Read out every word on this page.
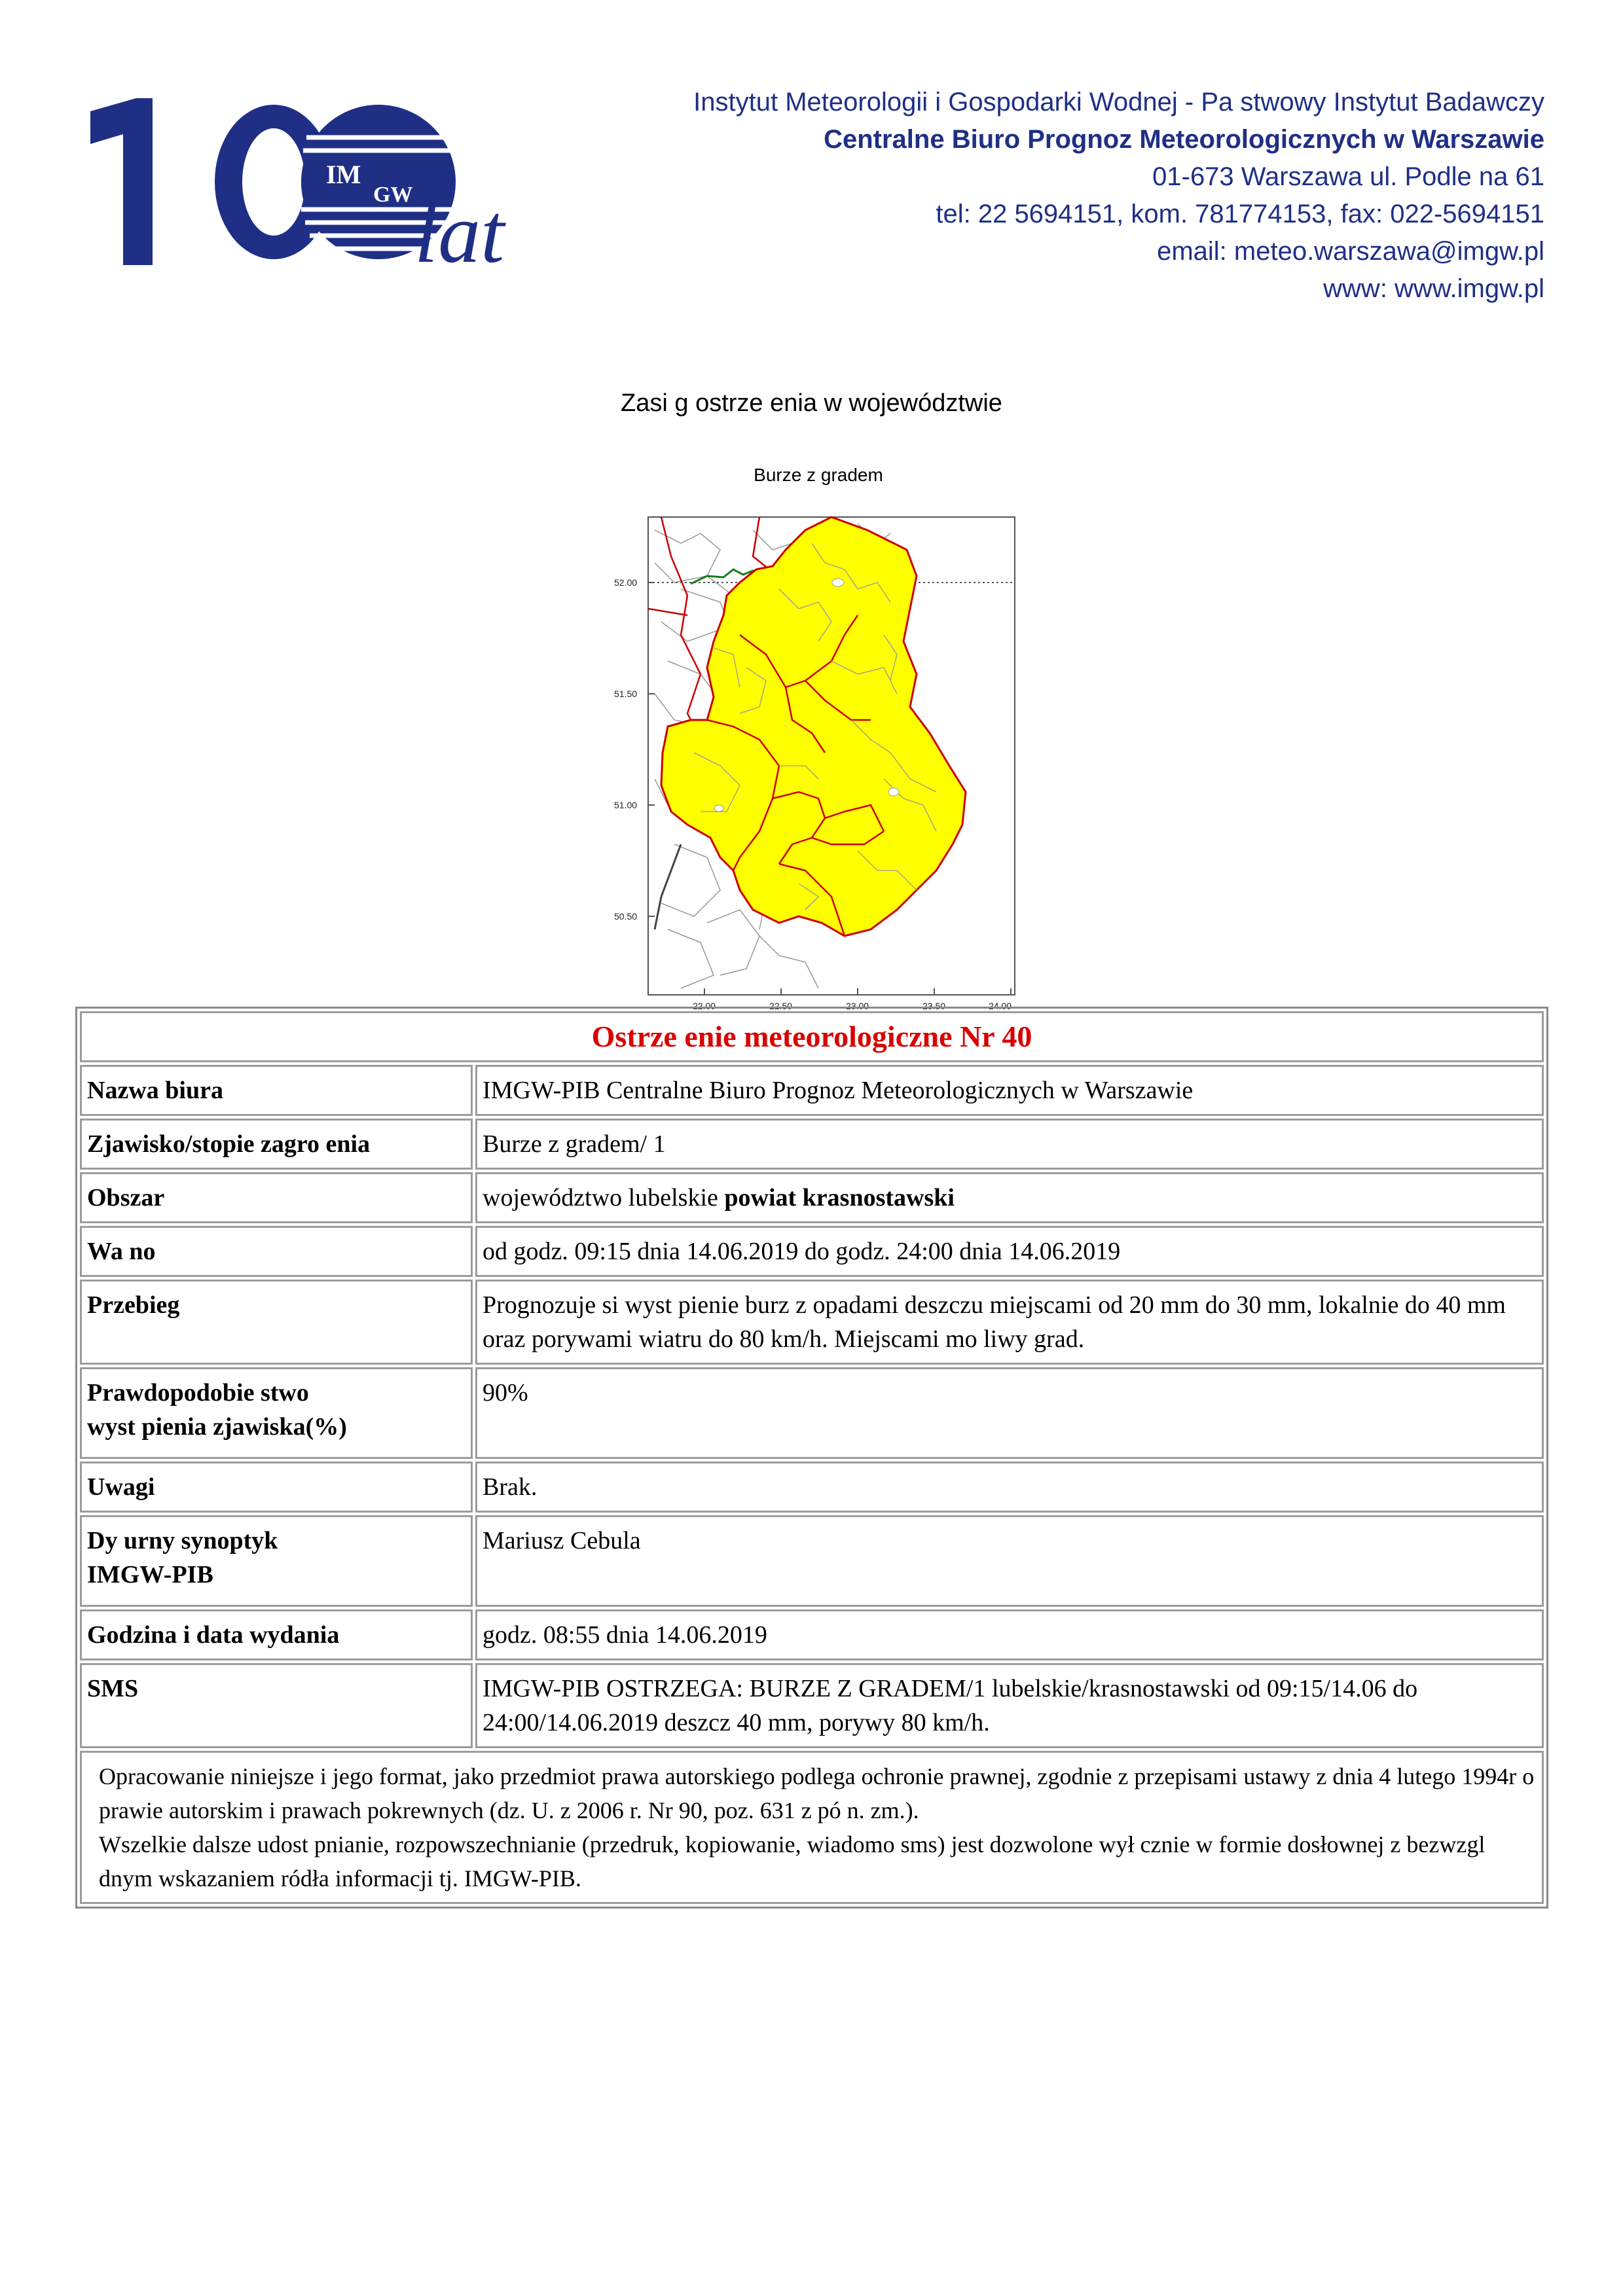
IM
GW lat
Instytut Meteorologii i Gospodarki Wodnej - Pa stwowy Instytut Badawczy
Centralne Biuro Prognoz Meteorologicznych w Warszawie
01-673 Warszawa ul. Podle na 61
tel: 22 5694151, kom. 781774153, fax: 022-5694151
email: meteo.warszawa@imgw.pl
www: www.imgw.pl
Zasi g ostrze enia w województwie
Burze z gradem
52.00
51.50
51.00
50.50
22.00	22.50	23.00	23.50	24.00
Ostrze enie meteorologiczne Nr 40	
Nazwa biura	IMGW-PIB Centralne Biuro Prognoz Meteorologicznych w Warszawie
Zjawisko/stopie zagro enia	Burze z gradem/ 1
Obszar	województwo lubelskie powiat krasnostawski
Wa no	od godz. 09:15 dnia 14.06.2019 do godz. 24:00 dnia 14.06.2019
Przebieg	Prognozuje si wyst pienie burz z opadami deszczu miejscami od 20 mm do 30 mm, lokalnie do 40 mm oraz porywami wiatru do 80 km/h. Miejscami mo liwy grad.

Prawdopodobie stwo
wyst pienia zjawiska(%)	90%
Uwagi	Brak.

Dy urny synoptyk
IMGW-PIB	Mariusz Cebula
Godzina i data wydania	godz. 08:55 dnia 14.06.2019
SMS	IMGW-PIB OSTRZEGA: BURZE Z GRADEM/1 lubelskie/krasnostawski od 09:15/14.06 do 24:00/14.06.2019 deszcz 40 mm, porywy 80 km/h.

Opracowanie niniejsze i jego format, jako przedmiot prawa autorskiego podlega ochronie prawnej, zgodnie z przepisami ustawy z dnia 4 lutego 1994r o prawie autorskim i prawach pokrewnych (dz. U. z 2006 r. Nr 90, poz. 631 z pó n. zm.).
Wszelkie dalsze udost pnianie, rozpowszechnianie (przedruk, kopiowanie, wiadomo sms) jest dozwolone wył cznie w formie dosłownej z bezwzgl dnym wskazaniem ródła informacji tj. IMGW-PIB.	
